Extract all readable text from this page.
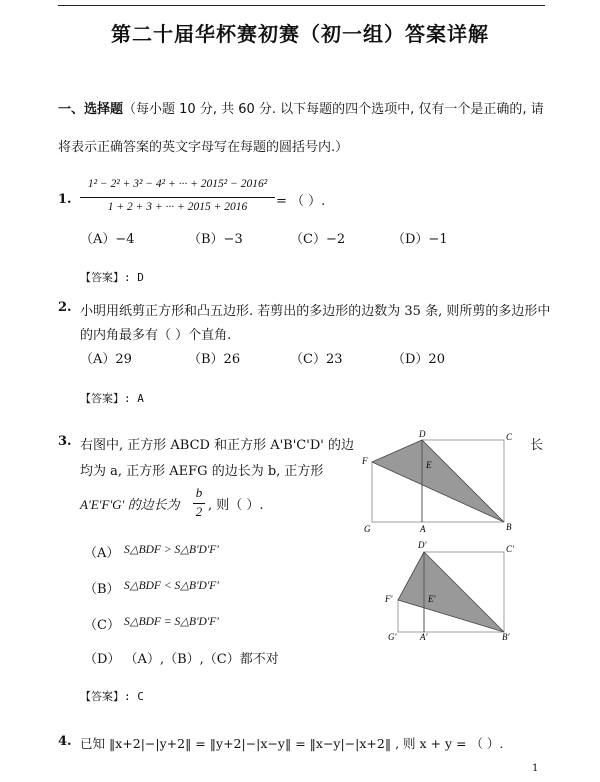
第二十届华杯赛初赛（初一组）答案详解
一、选择题（每小题 10 分, 共 60 分. 以下每题的四个选项中, 仅有一个是正确的, 请
将表示正确答案的英文字母写在每题的圆括号内.）
1.
1² − 2² + 3² − 4² + ··· + 2015² − 2016²
1 + 2 + 3 + ··· + 2015 + 2016	= （ ）.
（A）−4	（B）−3	（C）−2	（D）−1
【答案】: D
2. 小明用纸剪正方形和凸五边形. 若剪出的多边形的边数为 35 条, 则所剪的多边形中
的内角最多有（ ）个直角.
（A）29	（B）26	（C）23	（D）20
【答案】: A
3. 右图中, 正方形 ABCD 和正方形 A'B'C'D' 的边	长
均为 a, 正方形 AEFG 的边长为 b, 正方形
A'E'F'G' 的边长为
b
2 , 则（ ）.
（A） S△BDF > S△B'D'F'
（B） S△BDF < S△B'D'F'
（C） S△BDF = S△B'D'F'
（D） （A）,（B）,（C）都不对
【答案】: C
D	C
F	E
G	A	B
D'	C'
F'	E'
G'	A'	B'
4. 已知 ‖x+2|−|y+2‖ = ‖y+2|−|x−y‖ = ‖x−y|−|x+2‖ , 则 x + y = （ ）.
1
